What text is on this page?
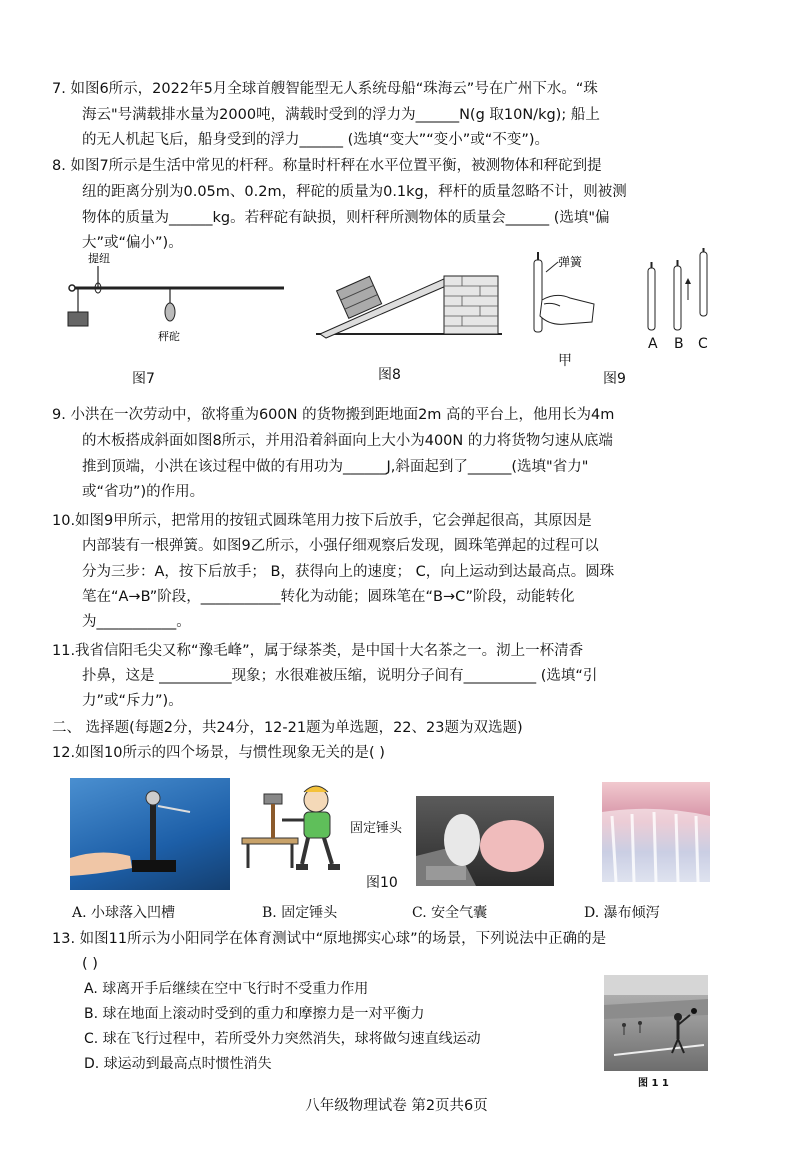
7. 如图6所示，2022年5月全球首艘智能型无人系统母船“珠海云”号在广州下水。“珠
海云"号满载排水量为2000吨，满载时受到的浮力为______N(g 取10N/kg); 船上
的无人机起飞后，船身受到的浮力______ (选填“变大”“变小”或“不变”)。
8. 如图7所示是生活中常见的杆秤。称量时杆秤在水平位置平衡，被测物体和秤砣到提
纽的距离分别为0.05m、0.2m，秤砣的质量为0.1kg，秤杆的质量忽略不计，则被测
物体的质量为______kg。若秤砣有缺损，则杆秤所测物体的质量会______ (选填"偏
大”或“偏小”)。
提纽
秤砣
图7	图8
弹簧
甲
A B C
图9
9. 小洪在一次劳动中，欲将重为600N 的货物搬到距地面2m 高的平台上，他用长为4m
的木板搭成斜面如图8所示，并用沿着斜面向上大小为400N 的力将货物匀速从底端
推到顶端，小洪在该过程中做的有用功为______J,斜面起到了______(选填"省力"
或“省功”)的作用。
10.如图9甲所示，把常用的按钮式圆珠笔用力按下后放手，它会弹起很高，其原因是
内部装有一根弹簧。如图9乙所示，小强仔细观察后发现，圆珠笔弹起的过程可以
分为三步：A，按下后放手； B，获得向上的速度； C，向上运动到达最高点。圆珠
笔在“A→B”阶段，___________转化为动能；圆珠笔在“B→C”阶段，动能转化
为___________。
11.我省信阳毛尖又称“豫毛峰”，属于绿茶类，是中国十大名茶之一。沏上一杯清香
扑鼻，这是 __________现象；水很难被压缩，说明分子间有__________ (选填“引
力”或“斥力”)。
二、 选择题(每题2分，共24分，12-21题为单选题，22、23题为双选题)
12.如图10所示的四个场景，与惯性现象无关的是( )
固定锤头
图10
A. 小球落入凹槽	B. 固定锤头	C. 安全气囊	D. 瀑布倾泻
13. 如图11所示为小阳同学在体育测试中“原地掷实心球”的场景，下列说法中正确的是
( )
A. 球离开手后继续在空中飞行时不受重力作用
B. 球在地面上滚动时受到的重力和摩擦力是一对平衡力
C. 球在飞行过程中，若所受外力突然消失，球将做匀速直线运动
D. 球运动到最高点时惯性消失
图 1 1
八年级物理试卷 第2页共6页
